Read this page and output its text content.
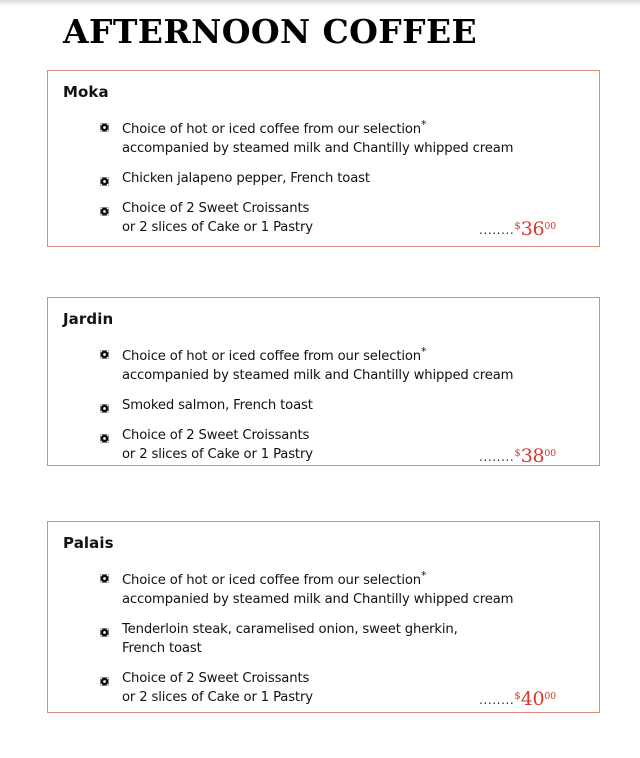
AFTERNOON COFFEE
Moka
Choice of hot or iced coffee from our selection*
accompanied by steamed milk and Chantilly whipped cream
Chicken jalapeno pepper, French toast
Choice of 2 Sweet Croissants
or 2 slices of Cake or 1 Pastry	$........^{\$}36^{00}$
Jardin
Choice of hot or iced coffee from our selection*
accompanied by steamed milk and Chantilly whipped cream
Smoked salmon, French toast
Choice of 2 Sweet Croissants
or 2 slices of Cake or 1 Pastry	$........^{\$}38^{00}$
Palais
Choice of hot or iced coffee from our selection*
accompanied by steamed milk and Chantilly whipped cream
Tenderloin steak, caramelised onion, sweet gherkin,
French toast
Choice of 2 Sweet Croissants
or 2 slices of Cake or 1 Pastry	$........^{\$}40^{00}$
